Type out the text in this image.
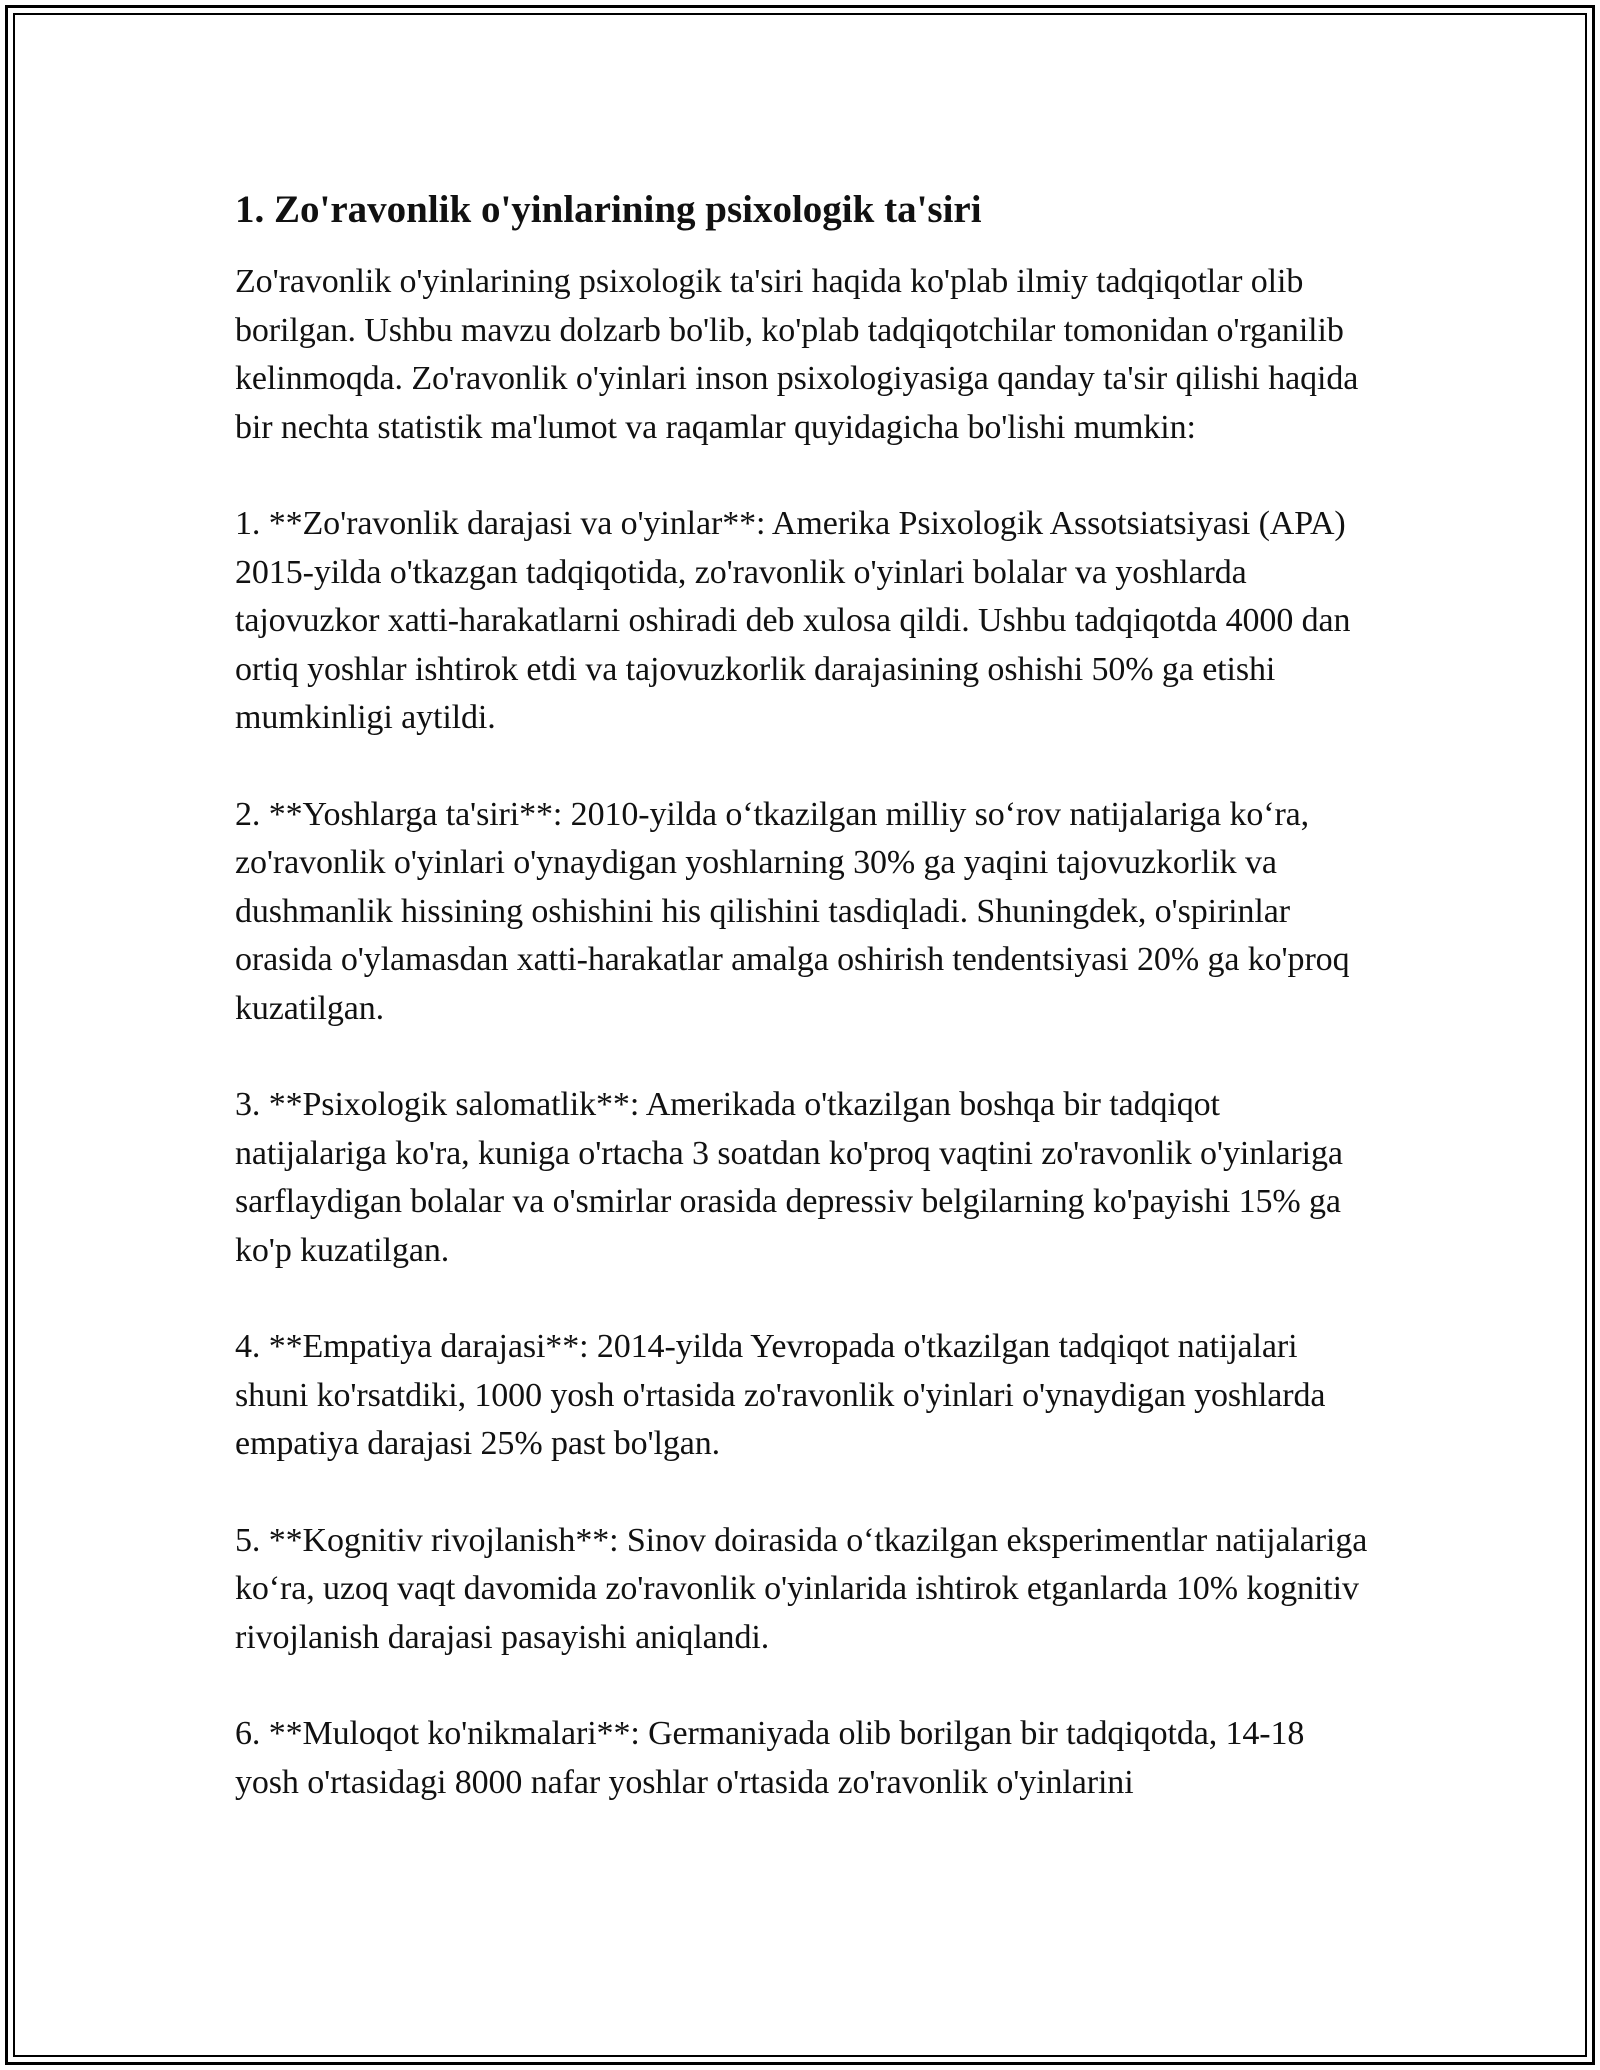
1. Zo'ravonlik o'yinlarining psixologik ta'siri

Zo'ravonlik o'yinlarining psixologik ta'siri haqida ko'plab ilmiy tadqiqotlar olib borilgan. Ushbu mavzu dolzarb bo'lib, ko'plab tadqiqotchilar tomonidan o'rganilib kelinmoqda. Zo'ravonlik o'yinlari inson psixologiyasiga qanday ta'sir qilishi haqida bir nechta statistik ma'lumot va raqamlar quyidagicha bo'lishi mumkin:

1. **Zo'ravonlik darajasi va o'yinlar**: Amerika Psixologik Assotsiatsiyasi (APA) 2015-yilda o'tkazgan tadqiqotida, zo'ravonlik o'yinlari bolalar va yoshlarda tajovuzkor xatti-harakatlarni oshiradi deb xulosa qildi. Ushbu tadqiqotda 4000 dan ortiq yoshlar ishtirok etdi va tajovuzkorlik darajasining oshishi 50% ga etishi mumkinligi aytildi.

2. **Yoshlarga ta'siri**: 2010-yilda o‘tkazilgan milliy so‘rov natijalariga ko‘ra, zo'ravonlik o'yinlari o'ynaydigan yoshlarning 30% ga yaqini tajovuzkorlik va dushmanlik hissining oshishini his qilishini tasdiqladi. Shuningdek, o'spirinlar orasida o'ylamasdan xatti-harakatlar amalga oshirish tendentsiyasi 20% ga ko'proq kuzatilgan.

3. **Psixologik salomatlik**: Amerikada o'tkazilgan boshqa bir tadqiqot natijalariga ko'ra, kuniga o'rtacha 3 soatdan ko'proq vaqtini zo'ravonlik o'yinlariga sarflaydigan bolalar va o'smirlar orasida depressiv belgilarning ko'payishi 15% ga ko'p kuzatilgan.

4. **Empatiya darajasi**: 2014-yilda Yevropada o'tkazilgan tadqiqot natijalari shuni ko'rsatdiki, 1000 yosh o'rtasida zo'ravonlik o'yinlari o'ynaydigan yoshlarda empatiya darajasi 25% past bo'lgan.

5. **Kognitiv rivojlanish**: Sinov doirasida o‘tkazilgan eksperimentlar natijalariga ko‘ra, uzoq vaqt davomida zo'ravonlik o'yinlarida ishtirok etganlarda 10% kognitiv rivojlanish darajasi pasayishi aniqlandi.

6. **Muloqot ko'nikmalari**: Germaniyada olib borilgan bir tadqiqotda, 14-18 yosh o'rtasidagi 8000 nafar yoshlar o'rtasida zo'ravonlik o'yinlarini
